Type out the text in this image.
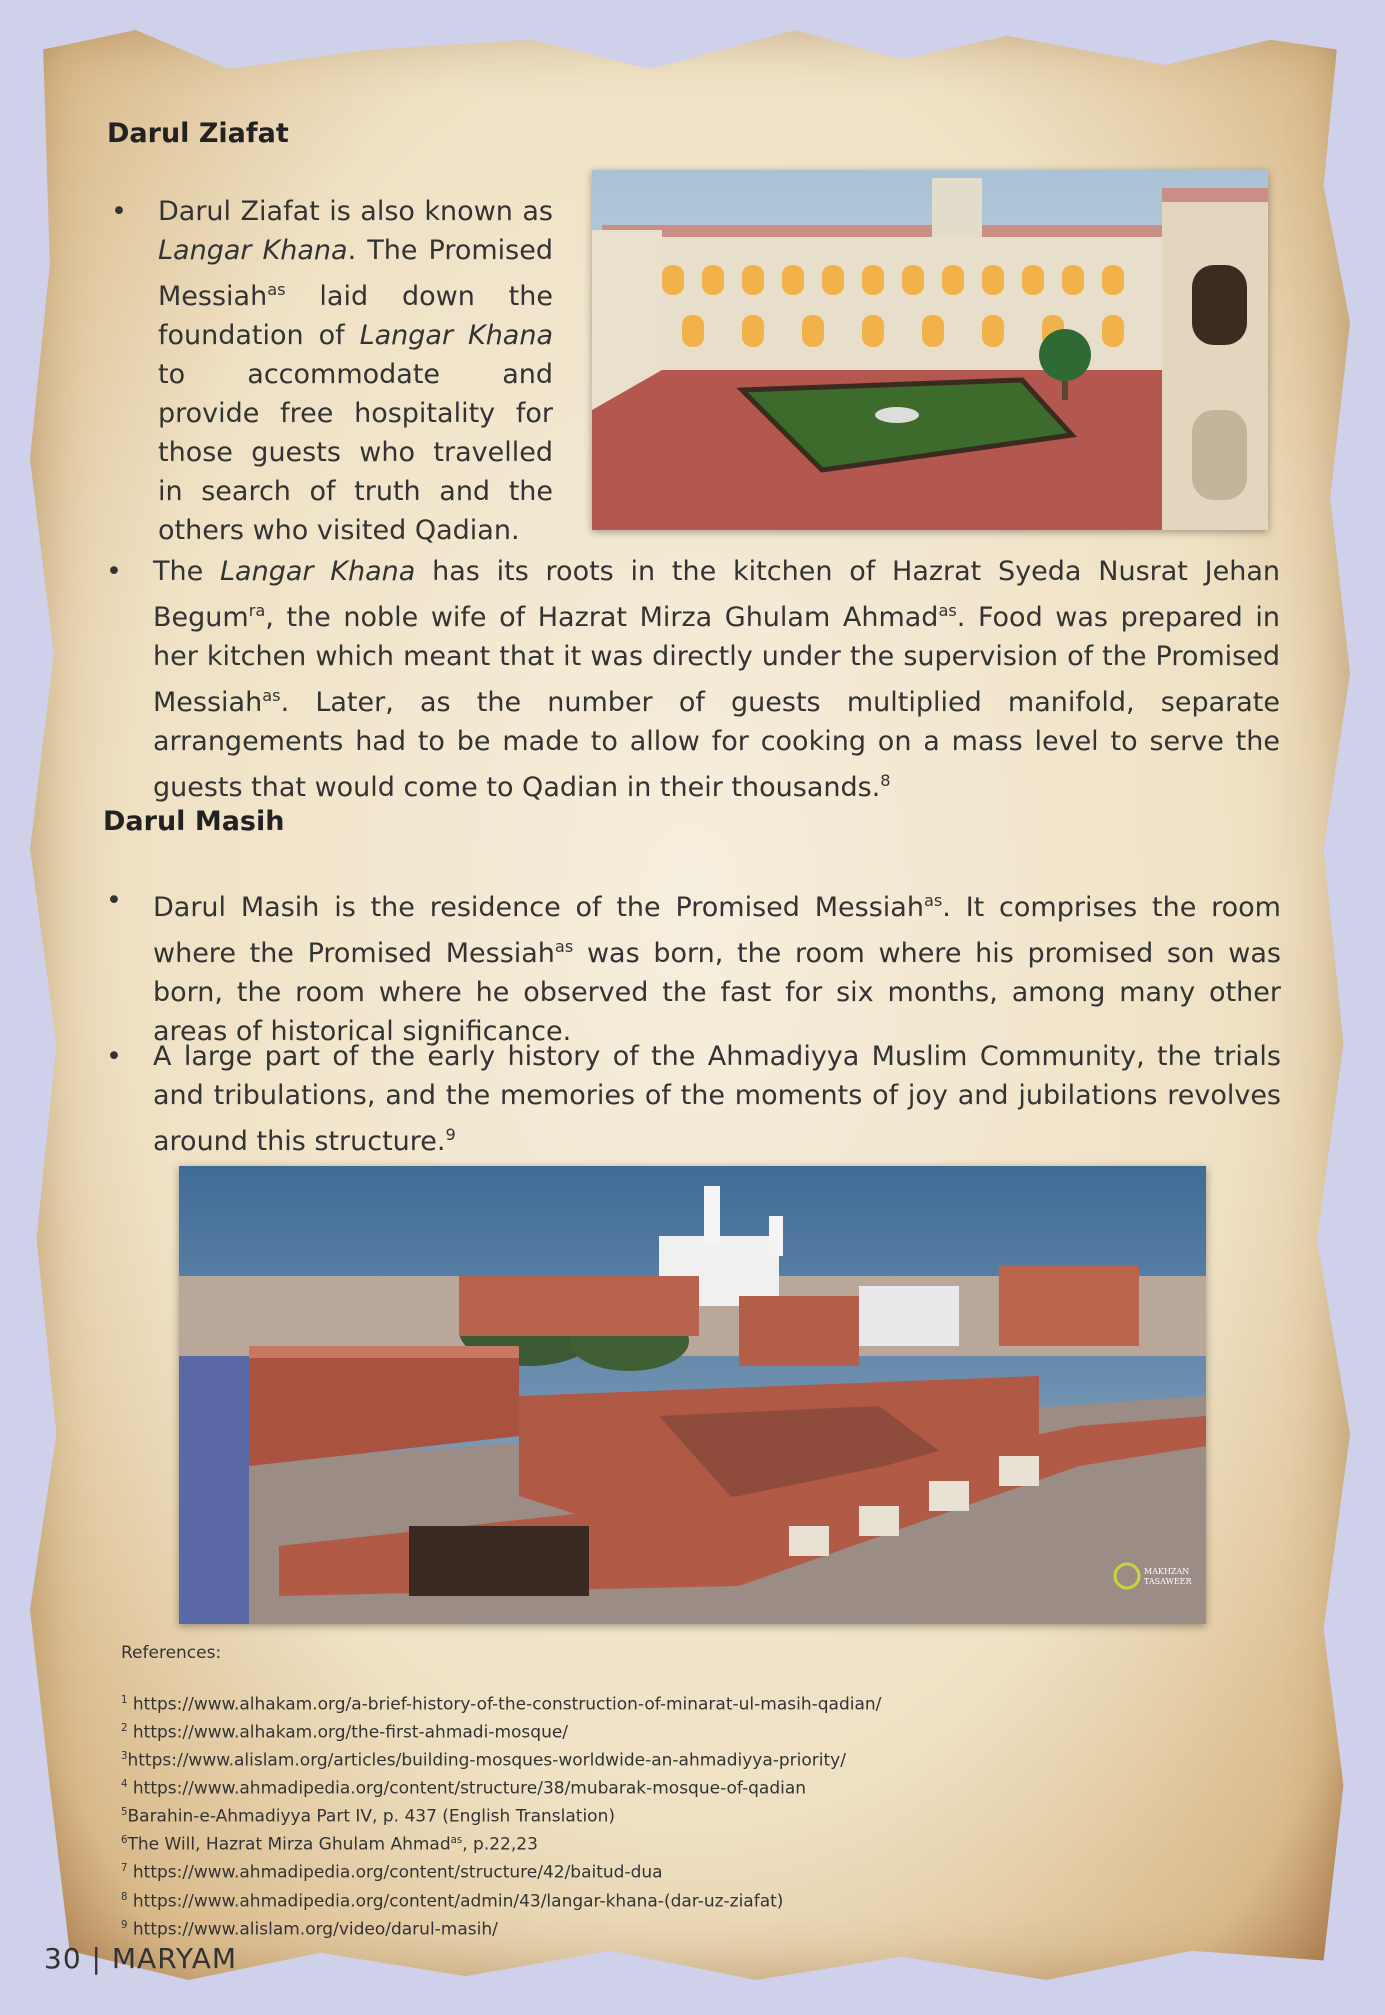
Darul Ziafat
• Darul Ziafat is also known as Langar Khana. The Promised Messiah$^{as}$ laid down the foundation of Langar Khana to accommodate and provide free hospitality for those guests who travelled in search of truth and the others who visited Qadian.
• The Langar Khana has its roots in the kitchen of Hazrat Syeda Nusrat Jehan Begum$^{ra}$, the noble wife of Hazrat Mirza Ghulam Ahmad$^{as}$. Food was prepared in her kitchen which meant that it was directly under the supervision of the Promised Messiah$^{as}$. Later, as the number of guests multiplied manifold, separate arrangements had to be made to allow for cooking on a mass level to serve the guests that would come to Qadian in their thousands.$^8$
Darul Masih
• Darul Masih is the residence of the Promised Messiah$^{as}$. It comprises the room where the Promised Messiah$^{as}$ was born, the room where his promised son was born, the room where he observed the fast for six months, among many other areas of historical significance.
• A large part of the early history of the Ahmadiyya Muslim Community, the trials and tribulations, and the memories of the moments of joy and jubilations revolves around this structure.$^9$
MAKHZAN
TASAWEER
References:
$^1$ https://www.alhakam.org/a-brief-history-of-the-construction-of-minarat-ul-masih-qadian/
$^2$ https://www.alhakam.org/the-first-ahmadi-mosque/
$^3$https://www.alislam.org/articles/building-mosques-worldwide-an-ahmadiyya-priority/
$^4$ https://www.ahmadipedia.org/content/structure/38/mubarak-mosque-of-qadian
$^5$Barahin-e-Ahmadiyya Part IV, p. 437 (English Translation)
$^6$The Will, Hazrat Mirza Ghulam Ahmad$^{as}$, p.22,23
$^7$ https://www.ahmadipedia.org/content/structure/42/baitud-dua
$^8$ https://www.ahmadipedia.org/content/admin/43/langar-khana-(dar-uz-ziafat)
$^9$ https://www.alislam.org/video/darul-masih/
30 | MARYAM
